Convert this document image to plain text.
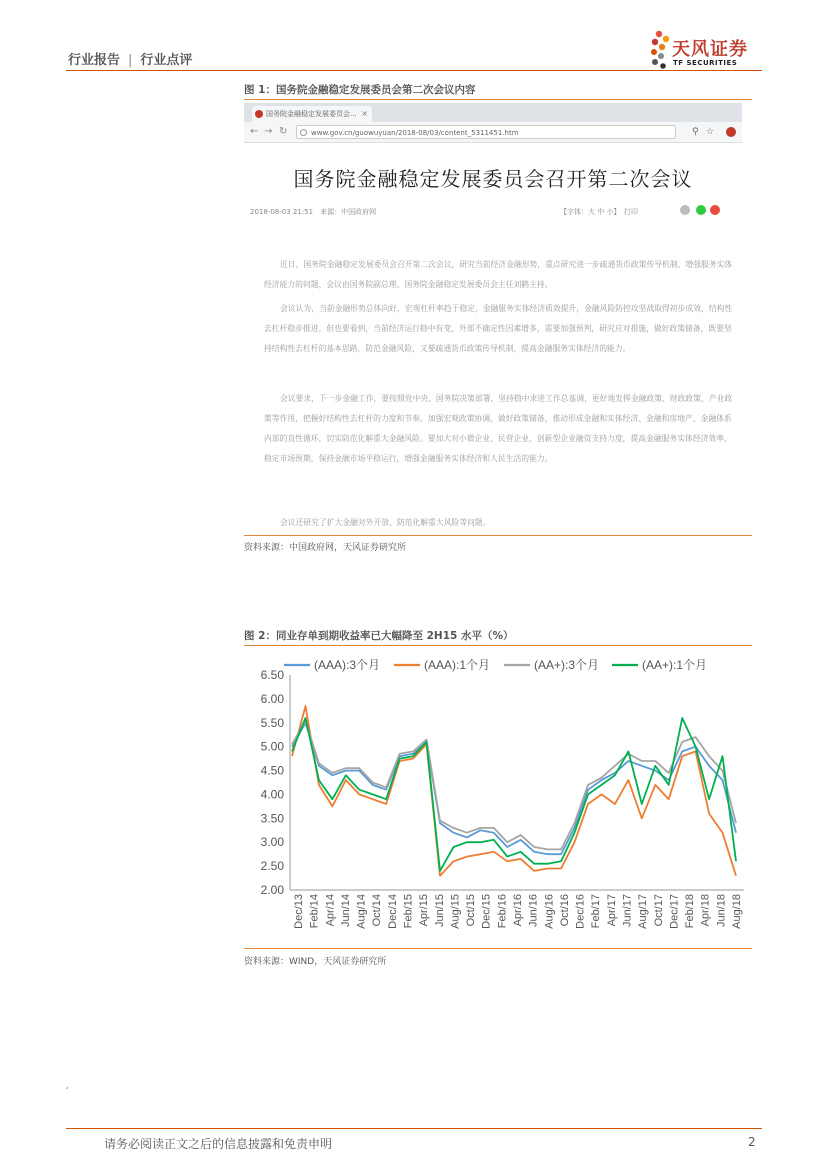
行业报告 | 行业点评
天风证券
TF SECURITIES
图 1：国务院金融稳定发展委员会第二次会议内容
国务院金融稳定发展委员会... ×
← → ↻	www.gov.cn/guowuyuan/2018-08/03/content_5311451.htm	⚲ ☆
国务院金融稳定发展委员会召开第二次会议
2018-08-03 21:51　来源：中国政府网	【字体：大 中 小】　打印
近日，国务院金融稳定发展委员会召开第二次会议，研究当前经济金融形势，重点研究进一步疏通货币政策传导机制、增强服务实体经济能力的问题，会议由国务院副总理、国务院金融稳定发展委员会主任刘鹤主持。
会议认为，当前金融形势总体向好，宏观杠杆率趋于稳定，金融服务实体经济质效提升，金融风险防控攻坚战取得初步成效，结构性去杠杆稳步推进，但也要看到，当前经济运行稳中有变，外部不确定性因素增多，需要加强预判，研究应对措施，做好政策储备，既要坚持结构性去杠杆的基本思路，防范金融风险，又要疏通货币政策传导机制，提高金融服务实体经济的能力。
会议要求，下一步金融工作，要按照党中央、国务院决策部署，坚持稳中求进工作总基调，更好地发挥金融政策、财政政策、产业政策等作用，把握好结构性去杠杆的力度和节奏，加强宏观政策协调，做好政策储备，推动形成金融和实体经济、金融和房地产、金融体系内部的良性循环，切实防范化解重大金融风险。要加大对小微企业、民营企业、创新型企业融资支持力度，提高金融服务实体经济效率，稳定市场预期，保持金融市场平稳运行，增强金融服务实体经济和人民生活的能力。
会议还研究了扩大金融对外开放、防范化解重大风险等问题。
资料来源：中国政府网，天风证券研究所
图 2：同业存单到期收益率已大幅降至 2H15 水平（%）
(AAA):3个月	(AAA):1个月	(AA+):3个月	(AA+):1个月
2.00
2.50
3.00
3.50
4.00
4.50
5.00
5.50
6.00
6.50
Dec/13 Feb/14 Apr/14 Jun/14 Aug/14 Oct/14 Dec/14 Feb/15 Apr/15 Jun/15 Aug/15 Oct/15 Dec/15 Feb/16 Apr/16 Jun/16 Aug/16 Oct/16 Dec/16 Feb/17 Apr/17 Jun/17 Aug/17 Oct/17 Dec/17 Feb/18 Apr/18 Jun/18 Aug/18
资料来源：WIND，天风证券研究所
‘
请务必阅读正文之后的信息披露和免责申明	2
